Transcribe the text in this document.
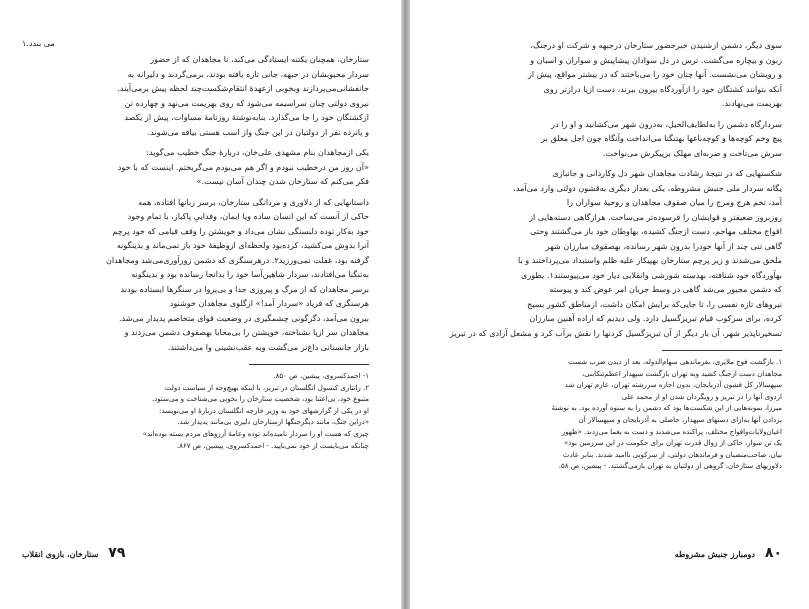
می بندد.۱
ستارخان، همچنان یکتنه ایستادگی می‌کند، تا مجاهدان که از حضور
سردار محبوبشان در جبهه، جانی تازه یافته بودند، برمی‌گردند و دلیرانه به
جانفشانی‌می‌پردازند وبخوبی ازعهدهٔ انتقام‌شکست‌چند لحظه پیش برمی‌آیند.
نیروی دولتی چنان سراسیمه می‌شود که روی بهزیمت می‌نهد و چهارده تن
ازکشتگان خود را جا می‌گذارد. بنابه‌نوشتهٔ روزنامهٔ مساوات، پیش از یکصد
و پانزده نفر از دولتیان در این جنگ واز اسب هستی بیافه می‌شوند.
یکی ازمجاهدان بنام مشهدی علی‌خان، دربارهٔ جنگ خطیب می‌گوید:
«آن روز من درخطیب نبودم و اگر هم می‌بودم می‌گریختم. اینست که با خود
فکر می‌کنم که ستارخان شدن چندان آسان نیست.»
داستانهایی که از دلاوری و مردانگی ستارخان، برسر زبانها افتاده، همه
حاکی از آنست که این انسان ساده ویا ایمان، وفداییِ پاکباز، با تمام وجود
خود به‌کار توده دلبستگی نشان می‌داد و خویشتن را وقف قیامی که خود پرچم
آنرا بدوش می‌کشید، کرده‌بود ولحظه‌ای ازوظیفهٔ خود باز نمی‌ماند و بدینگونه
گرفته بود، غفلت نمی‌ورزید۲. درهرسنگری که دشمن زورآوری‌می‌شد ومجاهدان
به‌تنگنا می‌افتادند، سردار شاهین‌آسا خود را بدانجا رسانده بود و بدینگونه
برسر مجاهدان که از مرگ و پیروزی جدا و بی‌پروا در سنگرها ایستاده بودند
هرسنگری که فریاد «سردار آمد!» ازگلوی مجاهدان خوشنود
بیرون می‌آمد، دگرگونی چشمگیری در وضعیت قوای متخاصم پدیدار می‌شد.
مجاهدان سر ازپا نشناخته، خویشتن را بی‌محابا بهصفوف دشمن می‌زدند و
بازار جانستانی داغ‌تر می‌گشت وبه عقب‌نشینی وا می‌داشتند.
۱- احمدکسروی، پیشین، ص ۸۵۰.
۲. رانتاری کنسول انگلستان در تبریز، با اینکه بهیچ‌وجه از سیاست دولت
متبوع خود، بی‌اعتنا بود، شخصیت ستارخان را بخوبی می‌شناخت و می‌ستود.
او در یکی از گزارشهای خود به وزیر خارجه انگلستان دربارهٔ او می‌نویسد:
«دراین جنگ، مانند دیگرجنگها ازستارخان دلیری بی‌مانند پدیدار شد.
چیزی که هست او را سردار نامیده‌اند توده وعامهٔ آرزوهای مردم بسته بوده‌اند»
چنانکه می‌بایست از خود نمی‌بایید. - احمدکسروی، پیشین، ص ۸۶۷.
۷۹
ستارخان، بازوی انقلاب
سوی دیگر، دشمن ازشنیدن خبرحضور ستارخان درجبهه و شرکت او درجنگ،
زبون و بیچاره می‌گشت. ترس در دل سوادان پیشاپیش و سواران و اسبان و
و رویشان می‌نشست. آنها چنان خود را می‌باختند که در بیشتر مواقع، پیش از
آنکه بتوانند کشتگان خود را ازآوردگاه بیرون ببرند، دست ازپا درازتر روی
بهزیمت می‌نهادند.
سردارگاه دشمن را به‌لطایف‌الحیل، به‌درون شهر می‌کشانید و او را در
پیچ وخم کوچه‌ها و کوچه‌باغها بهتنگنا می‌انداخت وآنگاه چون اجل معلق بر
سرش می‌تاخت و ضربه‌ای مهلک برپیکرش می‌نواخت.
شکستهایی که در نتیجهٔ رشادت مجاهدان شهر دل وکاردانی و جانبازی
یگانه سردار ملی جنبش مشروطه، یکی بعداز دیگری به‌قشون دولتی وارد می‌آمد،
آمد، تخم هرج ومرج را میان صفوف مجاهدان و روحیهٔ سواران را
روزبروز ضعیفتر و قوایشان را فرسوده‌تر می‌ساخت. هرازگاهی دسته‌هایی از
افواج مختلف مهاجم، دست ازجنگ کشیده، بهاوطان خود باز می‌گشتند وحتی
گاهی تنی چند از آنها خودرا بدرون شهر رسانده، بهصفوف مبارزان شهر
ملحق می‌شدند و زیر پرچم ستارخان بهپیکار علیه ظلم واستبداد می‌پرداختند و با
بهآوردگاه خود شتافته، بهدسته شورشی وانقلابی دیار خود می‌پیوستند۱. بطوری
که دشمن مجبور می‌شد گاهی در وسط جریان امر عوض کند و پیوسته
نیروهای تازه‌ نفسی را، تا جایی‌که برایش امکان داشت، ازمناطق کشور بسیج
کرده، برای سرکوب قیام تبریز‌گسیل دارد. ولی دیدیم که اراده آهنین مبارزان
تسخیرناپذیر شهر، آن بار دیگر از آن تبریز‌گسیل کردنها را نقش برآب کرد و مشعل آزادی که در تبریز
۱. بازگشت فوج ملایری، بفرماندهی سهام‌الدوله، بعد از دیدن ضرب شست
مجاهدان دست ازجنگ کشید وبه تهران بازگشت سپهدار اعظم‌تنکابنی،
سپهسالار کل قشون آذربایجان، بدون اجازه سررشته تهران، عازم تهران شد
اردوی آنها را در تبریز و رویگردان شدن او از محمد علی
میرزا، نمونه‌هایی از این شکست‌ها بود که دشمن را به ستوه آورده بود. به نوشتهٔ
بردادن آنها به‌ازای دستهای سپهدار، حاصلی به آذربایجان و سپهسالار آن
اعیان‌ولایات‌وافواج مختلف، پراکنده می‌شدند و دست به یغما می‌زدند. «ظهور
یک تن سوار، حاکی از زوال قدرت تهران برای حکومت در این سرزمین بود»
بیان، صاحب‌منصبان و فرماندهان دولتی، از سرکوبی نا‌امید شدند. بنابر عادت
دلاوریهای ستارخان، گروهی از دولتیان به تهران بازمی‌گشتند. - پیشین، ص ۵۸.
۸۰
دومبارز جنبش مشروطه
